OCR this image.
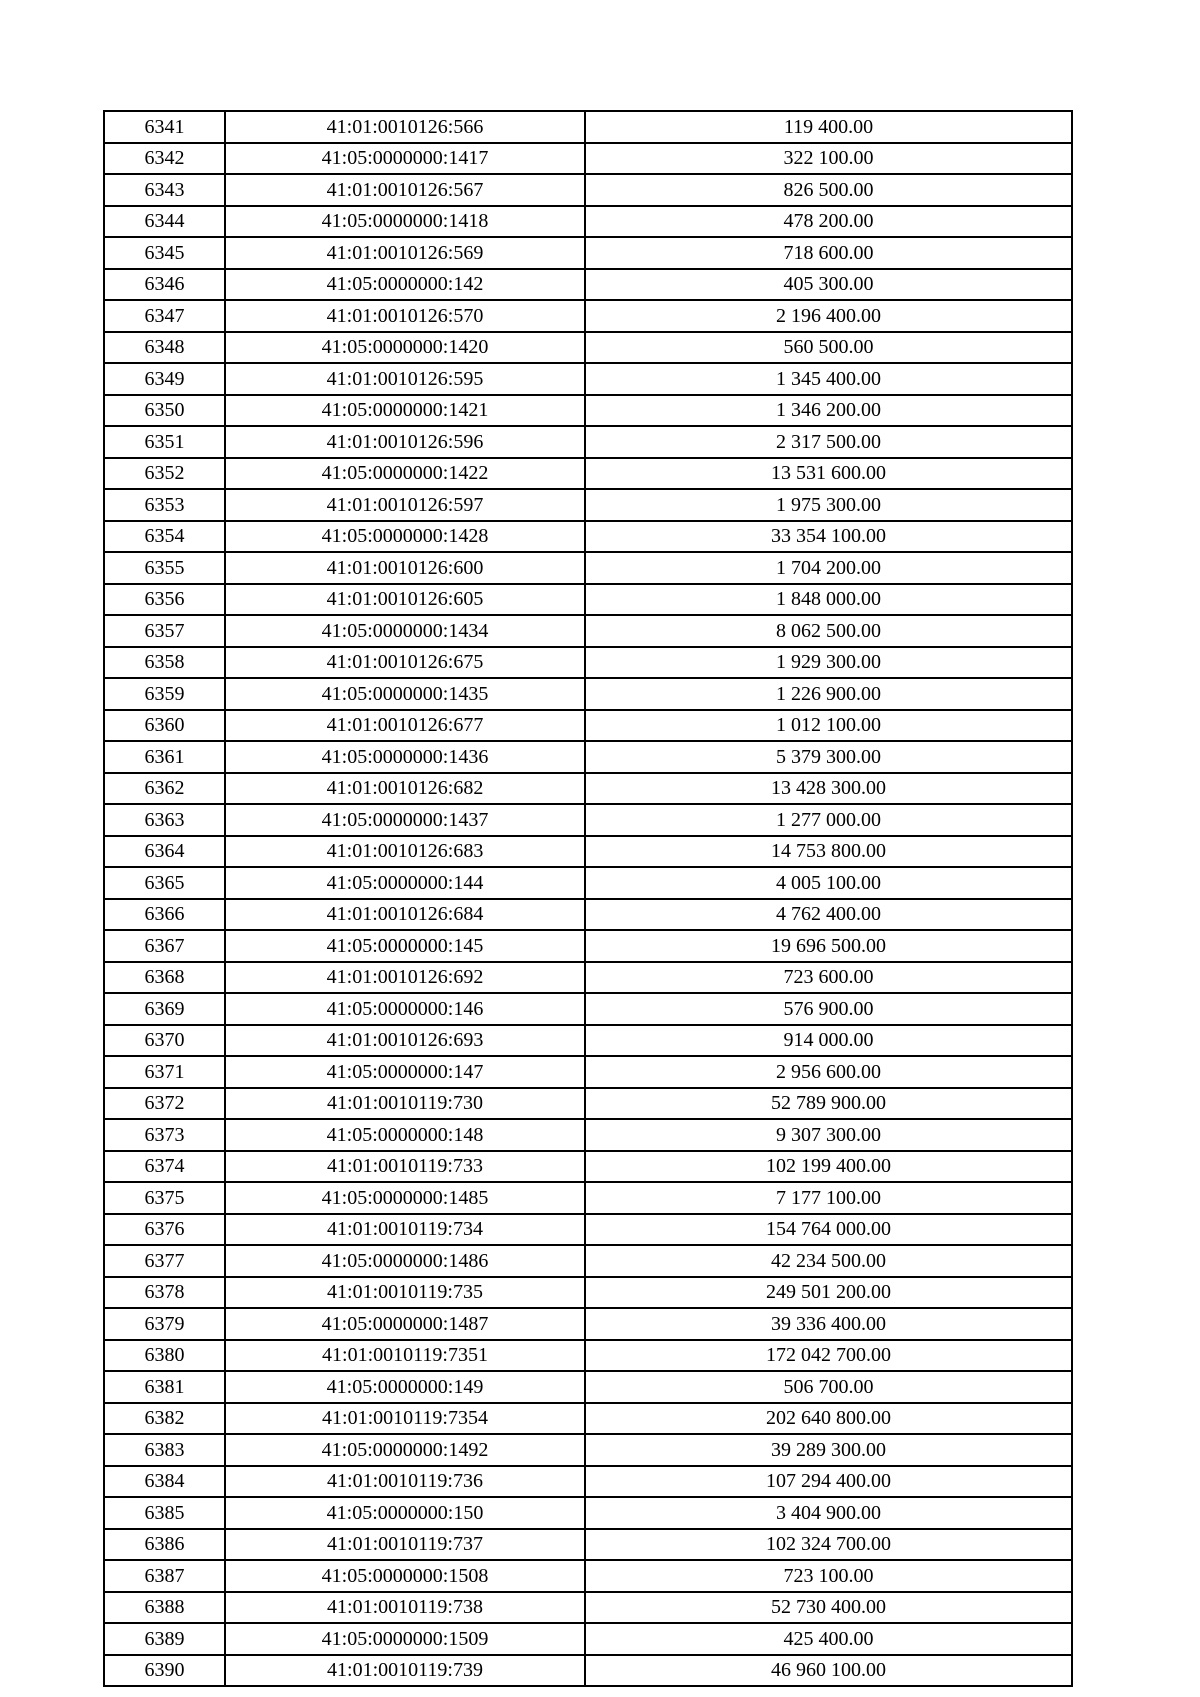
6341	41:01:0010126:566	119 400.00
6342	41:05:0000000:1417	322 100.00
6343	41:01:0010126:567	826 500.00
6344	41:05:0000000:1418	478 200.00
6345	41:01:0010126:569	718 600.00
6346	41:05:0000000:142	405 300.00
6347	41:01:0010126:570	2 196 400.00
6348	41:05:0000000:1420	560 500.00
6349	41:01:0010126:595	1 345 400.00
6350	41:05:0000000:1421	1 346 200.00
6351	41:01:0010126:596	2 317 500.00
6352	41:05:0000000:1422	13 531 600.00
6353	41:01:0010126:597	1 975 300.00
6354	41:05:0000000:1428	33 354 100.00
6355	41:01:0010126:600	1 704 200.00
6356	41:01:0010126:605	1 848 000.00
6357	41:05:0000000:1434	8 062 500.00
6358	41:01:0010126:675	1 929 300.00
6359	41:05:0000000:1435	1 226 900.00
6360	41:01:0010126:677	1 012 100.00
6361	41:05:0000000:1436	5 379 300.00
6362	41:01:0010126:682	13 428 300.00
6363	41:05:0000000:1437	1 277 000.00
6364	41:01:0010126:683	14 753 800.00
6365	41:05:0000000:144	4 005 100.00
6366	41:01:0010126:684	4 762 400.00
6367	41:05:0000000:145	19 696 500.00
6368	41:01:0010126:692	723 600.00
6369	41:05:0000000:146	576 900.00
6370	41:01:0010126:693	914 000.00
6371	41:05:0000000:147	2 956 600.00
6372	41:01:0010119:730	52 789 900.00
6373	41:05:0000000:148	9 307 300.00
6374	41:01:0010119:733	102 199 400.00
6375	41:05:0000000:1485	7 177 100.00
6376	41:01:0010119:734	154 764 000.00
6377	41:05:0000000:1486	42 234 500.00
6378	41:01:0010119:735	249 501 200.00
6379	41:05:0000000:1487	39 336 400.00
6380	41:01:0010119:7351	172 042 700.00
6381	41:05:0000000:149	506 700.00
6382	41:01:0010119:7354	202 640 800.00
6383	41:05:0000000:1492	39 289 300.00
6384	41:01:0010119:736	107 294 400.00
6385	41:05:0000000:150	3 404 900.00
6386	41:01:0010119:737	102 324 700.00
6387	41:05:0000000:1508	723 100.00
6388	41:01:0010119:738	52 730 400.00
6389	41:05:0000000:1509	425 400.00
6390	41:01:0010119:739	46 960 100.00
